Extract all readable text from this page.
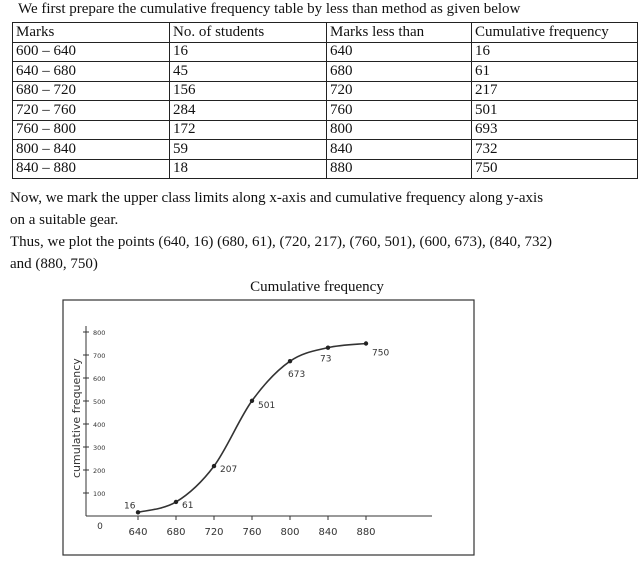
We first prepare the cumulative frequency table by less than method as given below
Marks	No. of students	Marks less than	Cumulative frequency
600 – 640	16	640	16
640 – 680	45	680	61
680 – 720	156	720	217
720 – 760	284	760	501
760 – 800	172	800	693
800 – 840	59	840	732
840 – 880	18	880	750
Now, we mark the upper class limits along x-axis and cumulative frequency along y-axis
on a suitable gear.
Thus, we plot the points (640, 16) (680, 61), (720, 217), (760, 501), (600, 673), (840, 732)
and (880, 750)
Cumulative frequency
640 680 720 760 800 840 880
100
200
300
400
500
600
700
800
16	61
207
501
673
73
750
cumulative frequency
0
